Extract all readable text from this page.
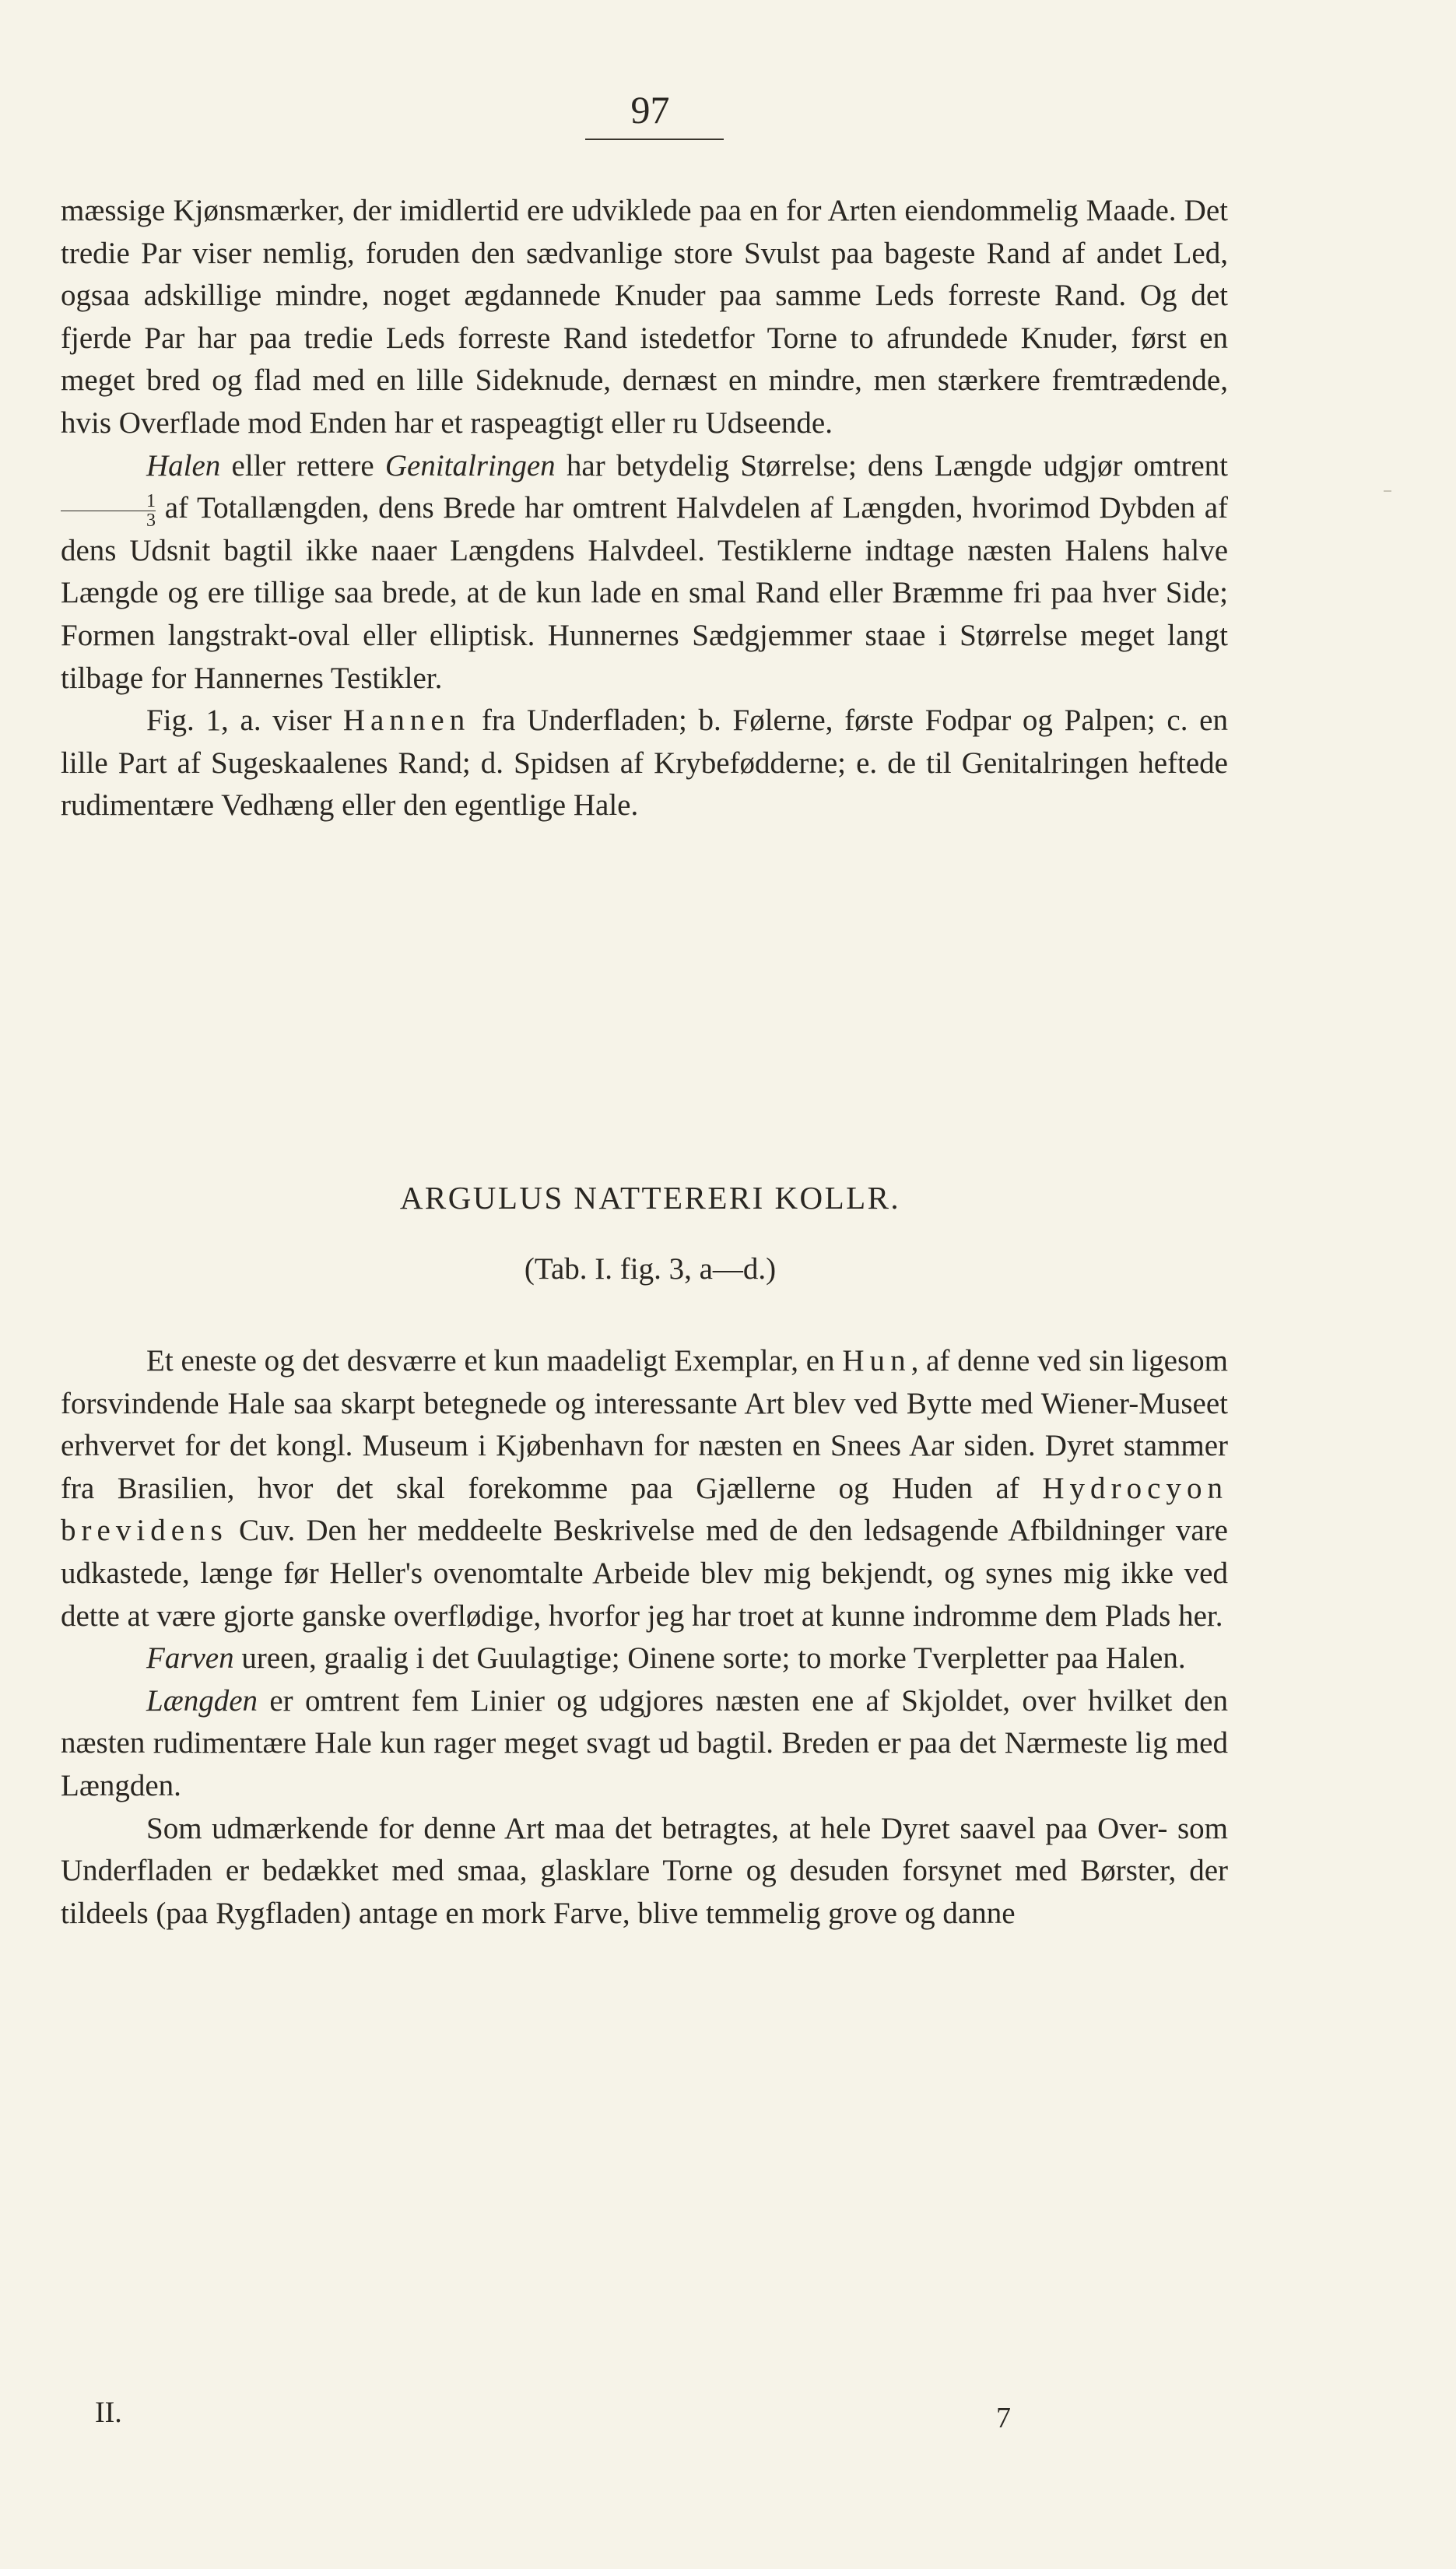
97

mæssige Kjønsmærker, der imidlertid ere udviklede paa en for Arten eiendommelig Maade. Det tredie Par viser nemlig, foruden den sædvanlige store Svulst paa bageste Rand af andet Led, ogsaa adskillige mindre, noget ægdannede Knuder paa samme Leds forreste Rand. Og det fjerde Par har paa tredie Leds forreste Rand istedetfor Torne to afrundede Knuder, først en meget bred og flad med en lille Sideknude, dernæst en mindre, men stærkere fremtrædende, hvis Overflade mod Enden har et raspeagtigt eller ru Udseende.

Halen eller rettere Genitalringen har betydelig Størrelse; dens Længde udgjør omtrent
$\frac{1}{3}$ af Totallængden, dens Brede har omtrent Halvdelen af Længden, hvorimod Dybden af dens Udsnit bagtil ikke naaer Længdens Halvdeel. Testiklerne indtage næsten Halens halve Længde og ere tillige saa brede, at de kun lade en smal Rand eller Bræmme fri paa hver Side; Formen langstrakt-oval eller elliptisk. Hunnernes Sædgjemmer staae i Størrelse meget langt tilbage for Hannernes Testikler.

Fig. 1, a. viser Hannen fra Underfladen; b. Følerne, første Fodpar og Palpen; c. en lille Part af Sugeskaalenes Rand; d. Spidsen af Krybefødderne; e. de til Genitalringen heftede rudimentære Vedhæng eller den egentlige Hale.

ARGULUS NATTERERI KOLLR.
(Tab. I. fig. 3, a—d.)

Et eneste og det desværre et kun maadeligt Exemplar, en Hun, af denne ved sin ligesom forsvindende Hale saa skarpt betegnede og interessante Art blev ved Bytte med Wiener-Museet erhvervet for det kongl. Museum i Kjøbenhavn for næsten en Snees Aar siden. Dyret stammer fra Brasilien, hvor det skal forekomme paa Gjællerne og Huden af Hydrocyon brevidens Cuv. Den her meddeelte Beskrivelse med de den ledsagende Afbildninger vare udkastede, længe før Heller's ovenomtalte Arbeide blev mig bekjendt, og synes mig ikke ved dette at være gjorte ganske overflødige, hvorfor jeg har troet at kunne indromme dem Plads her.

Farven ureen, graalig i det Guulagtige; Oinene sorte; to morke Tverpletter paa Halen.

Længden er omtrent fem Linier og udgjores næsten ene af Skjoldet, over hvilket den næsten rudimentære Hale kun rager meget svagt ud bagtil. Breden er paa det Nærmeste lig med Længden.

Som udmærkende for denne Art maa det betragtes, at hele Dyret saavel paa Over- som Underfladen er bedækket med smaa, glasklare Torne og desuden forsynet med Børster, der tildeels (paa Rygfladen) antage en mork Farve, blive temmelig grove og danne

II.	7
